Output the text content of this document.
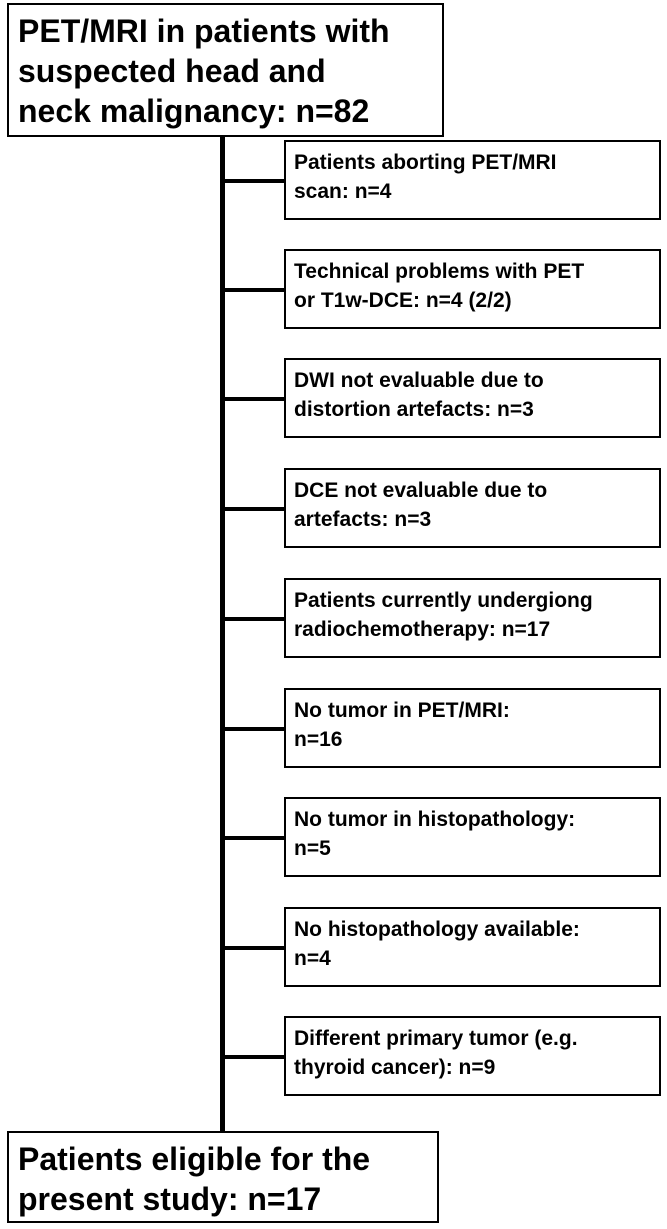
PET/MRI in patients with
suspected head and
neck malignancy: n=82
Patients aborting PET/MRI
scan: n=4
Technical problems with PET
or T1w-DCE: n=4 (2/2)
DWI not evaluable due to
distortion artefacts: n=3
DCE not evaluable due to
artefacts: n=3
Patients currently undergiong
radiochemotherapy: n=17
No tumor in PET/MRI:
n=16
No tumor in histopathology:
n=5
No histopathology available:
n=4
Different primary tumor (e.g.
thyroid cancer): n=9
Patients eligible for the
present study: n=17
